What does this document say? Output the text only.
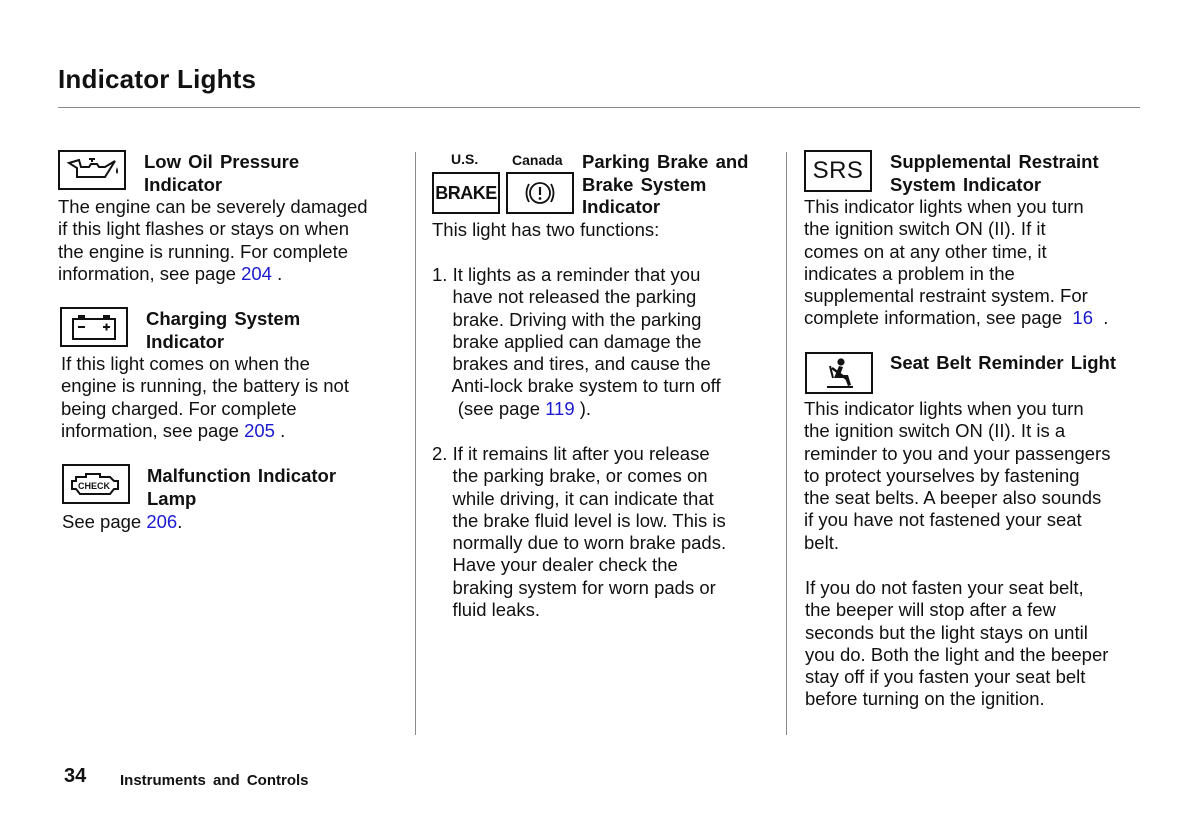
Indicator Lights
Low Oil Pressure
Indicator
The engine can be severely damaged
if this light flashes or stays on when
the engine is running. For complete
information, see page 204 .
Charging System
Indicator
If this light comes on when the
engine is running, the battery is not
being charged. For complete
information, see page 205 .
CHECK Malfunction Indicator
Lamp
See page 206.
U.S. Canada
BRAKE
Parking Brake and
Brake System
Indicator
This light has two functions:
1. It lights as a reminder that you
have not released the parking
brake. Driving with the parking
brake applied can damage the
brakes and tires, and cause the
Anti-lock brake system to turn off
(see page 119 ).
2. If it remains lit after you release
the parking brake, or comes on
while driving, it can indicate that
the brake fluid level is low. This is
normally due to worn brake pads.
Have your dealer check the
braking system for worn pads or
fluid leaks.
SRS Supplemental Restraint
System Indicator
This indicator lights when you turn
the ignition switch ON (II). If it
comes on at any other time, it
indicates a problem in the
supplemental restraint system. For
complete information, see page  16  .
Seat Belt Reminder Light
This indicator lights when you turn
the ignition switch ON (II). It is a
reminder to you and your passengers
to protect yourselves by fastening
the seat belts. A beeper also sounds
if you have not fastened your seat
belt.
If you do not fasten your seat belt,
the beeper will stop after a few
seconds but the light stays on until
you do. Both the light and the beeper
stay off if you fasten your seat belt
before turning on the ignition.
34 Instruments and Controls
